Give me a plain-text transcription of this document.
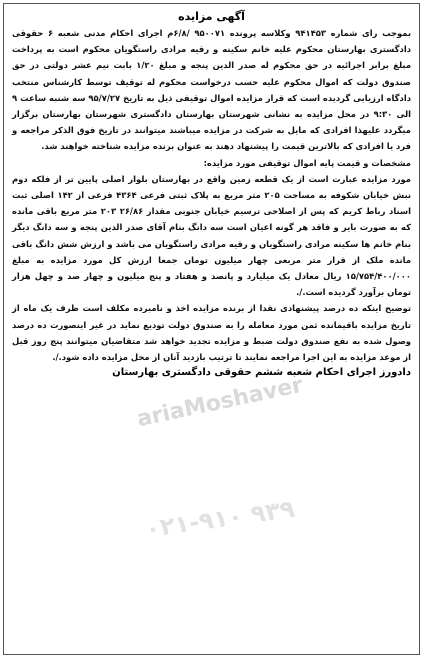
آگهی مزایده

بموجب رای شماره ۹۴۱۴۵۳ وکلاسه پرونده ۹۵۰۰۷۱ /۶/۸م اجرای احکام مدنی شعبه ۶ حقوقی دادگستری بهارستان محکوم علیه خانم سکینه و رقیه مرادی راستگویان محکوم است به پرداخت مبلغ برابر اجرائیه در حق محکوم له صدر الدین پنجه و مبلغ ۱/۲۰ بابت نیم عشر دولتی در حق صندوق دولت که اموال محکوم علیه حسب درخواست محکوم له توقیف توسط کارشناس منتخب دادگاه ارزیابی گردیده است که قرار مزایده اموال توقیفی ذیل به تاریخ ۹۵/۷/۲۷ سه شنبه ساعت ۹ الی ۹:۳۰ در محل مزایده به نشانی شهرستان بهارستان دادگستری شهرستان بهارستان برگزار میگردد علیهذا افرادی که مایل به شرکت در مزایده میباشند میتوانند در تاریخ فوق الذکر مراجعه و فرد یا افرادی که بالاترین قیمت را پیشنهاد دهند به عنوان برنده مزایده شناخته خواهند شد.

مشخصات و قیمت پایه اموال توقیفی مورد مزایده:

مورد مزایده عبارت است از یک قطعه زمین واقع در بهارستان بلوار اصلی پایین تر از فلکه دوم نبش خیابان شکوفه به مساحت ۲۰۵ متر مربع به پلاک ثبتی فرعی ۴۳۶۴ فرعی از ۱۴۲ اصلی ثبت اسناد رباط کریم که پس از اصلاحی ترسیم خیابان جنوبی مقدار ۲۶/۸۶ ۲۰۳ متر مربع باقی مانده که به صورت بایر و فاقد هر گونه اعیان است سه دانگ بنام آقای صدر الدین پنجه و سه دانگ دیگر بنام خانم ها سکینه مرادی راستگویان و رقیه مرادی راستگویان می باشد و ارزش شش دانگ باقی مانده ملک از قرار متر مربعی چهار میلیون تومان جمعا ارزش کل مورد مزایده به مبلغ ۱۵/۷۵۴/۴۰۰/۰۰۰ ریال معادل یک میلیارد و پانصد و هفتاد و پنج میلیون و چهار صد و چهل هزار تومان برآورد گردیده است./.

توضیح اینکه ده درصد پیشنهادی نقدا از برنده مزایده اخذ و نامبرده مکلف است ظرف یک ماه از تاریخ مزایده باقیمانده ثمن مورد معامله را به صندوق دولت تودیع نماید در غیر اینصورت ده درصد وصول شده به نفع صندوق دولت ضبط و مزایده تجدید خواهد شد متقاضیان میتوانند پنج روز قبل از موعد مزایده به این اجرا مراجعه نمایند تا ترتیب بازدید آنان از محل مزایده داده شود./.

دادورز اجرای احکام شعبه ششم حقوقی دادگستری بهارستان
ariaMoshaver
۰۲۱-۹۱۰ ۹۳۹
